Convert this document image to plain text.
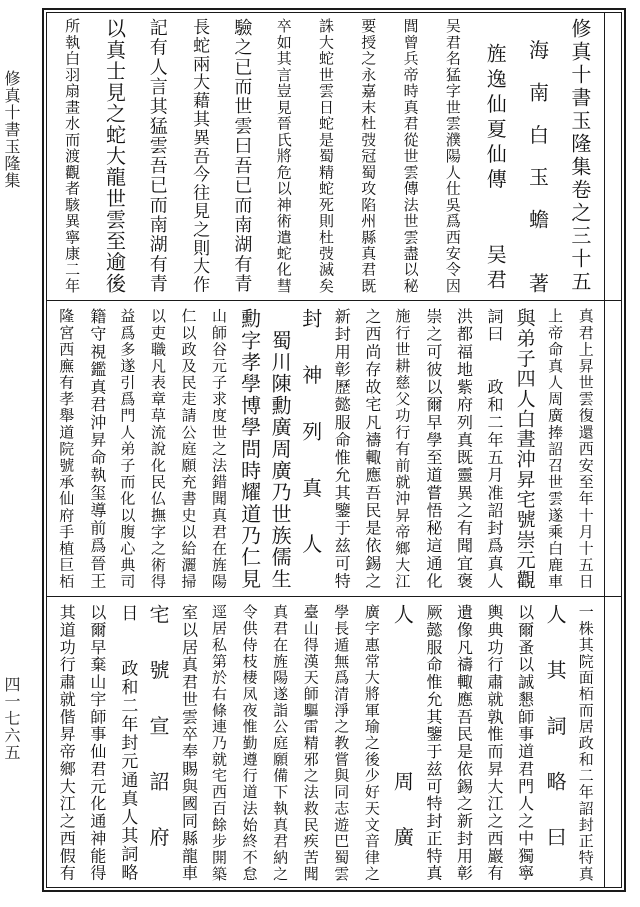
修真十書玉隆集
四一七六五
修真十書玉隆集卷之三十五
　海　南　白　玉　蟾　　著
　旌逸仙夏仙傳　　吴君
吴君名猛字世雲濮陽人仕吳爲西安令因
閭曾兵帝時真君從世雲傳法世雲盡以秘
要授之永嘉末杜弢冠蜀攻陷州縣真君既
誅大蛇世雲日蛇是蜀精蛇死則杜弢滅矣
卒如其言豈見晉氏將危以神術遣蛇化彗
驗之已而世雲曰吾已而南湖有青
長蛇兩大藉其異吾今往見之則大作
記有人言其猛雲吾已而南湖有青
以真士見之蛇大龍世雲至逾後
所執白羽扇畫水而渡觀者駭異寧康二年
真君上昇世雲復還西安至年十月十五日
上帝命真人周廣捧詔召世雲遂乘白鹿車
與弟子四人白晝沖昇宅號崇元觀
詞曰　　政和二年五月准詔封爲真人
洪都福地紫府列真既靈異之有聞宜褒
崇之可彼以爾早學至道嘗悟秘這通化
施行世耕慈父功行有前就沖昇帝鄉大江
之西尚存故宅凡禱輙應吾民是依錫之
新封用彰歷懿服命惟允其鑒于兹可特
封神列真人
　蜀川陳勳廣周廣乃世族儒生
勳字孝學博學問時耀道乃仁見
山師谷元子求度世之法錯聞真君在旌陽
仁以政及民走請公庭願充書史以給灑掃
以吏職凡表章草流說化民仏撫字之術得
益爲多遂引爲門人弟子而化以腹心典司
籍守視鑑真君沖昇命執玺導前爲晉王
隆宮西廡有孝舉道院號承仙府手植巨栢
一株其院面栢而居政和二年詔封正特真
人其詞略曰
以爾蚤以誠懇師事道君門人之中獨寧
輿典功行肅就孰惟而昇大江之西巖有
遺像凡禱輙應吾民是依錫之新封用彰
厥懿服命惟允其鑒于兹可特封正特真
人　　周廣
廣字惠常大將軍瑜之後少好天文音律之
學長遁無爲清淨之教嘗與同志遊巴蜀雲
臺山得漢天師驅雷精邪之法救民疾苦聞
真君在旌陽遂詣公庭願備下執真君納之
令供侍枝棲凤夜惟勤遵行道法始終不怠
逕居私第於右條連乃就宅西百餘步開築
室以居真君世雲卒奉賜與國同縣龍車
宅號宣詔府
日　　政和二年封元通真人其詞略
以爾早棄山宇師事仙君元化通神能得
其道功行肅就偕昇帝鄉大江之西假有
